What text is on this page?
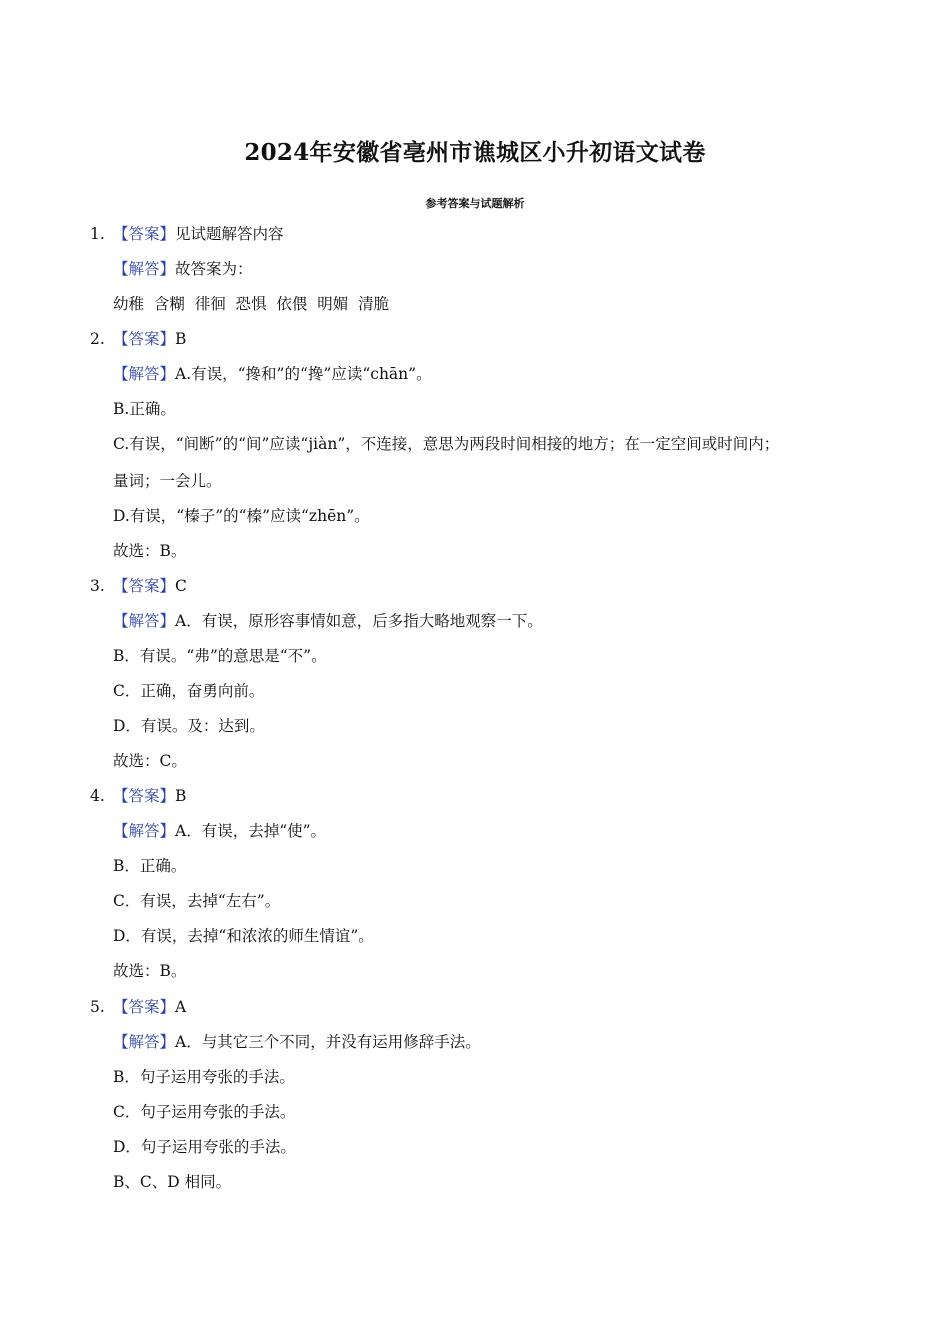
2024年安徽省亳州市谯城区小升初语文试卷
参考答案与试题解析
1. 【答案】见试题解答内容
【解答】故答案为：
幼稚  含糊  徘徊  恐惧  依偎  明媚  清脆
2. 【答案】B
【解答】A.有误，“搀和”的“搀”应读“chān”。
B.正确。
C.有误，“间断”的“间”应读“jiàn”，不连接，意思为两段时间相接的地方；在一定空间或时间内；
量词；一会儿。
D.有误，“榛子”的“榛”应读“zhēn”。
故选：B。
3. 【答案】C
【解答】A．有误，原形容事情如意，后多指大略地观察一下。
B．有误。“弗”的意思是“不”。
C．正确，奋勇向前。
D．有误。及：达到。
故选：C。
4. 【答案】B
【解答】A．有误，去掉“使”。
B．正确。
C．有误，去掉“左右”。
D．有误，去掉“和浓浓的师生情谊”。
故选：B。
5. 【答案】A
【解答】A．与其它三个不同，并没有运用修辞手法。
B．句子运用夸张的手法。
C．句子运用夸张的手法。
D．句子运用夸张的手法。
B、C、D 相同。
